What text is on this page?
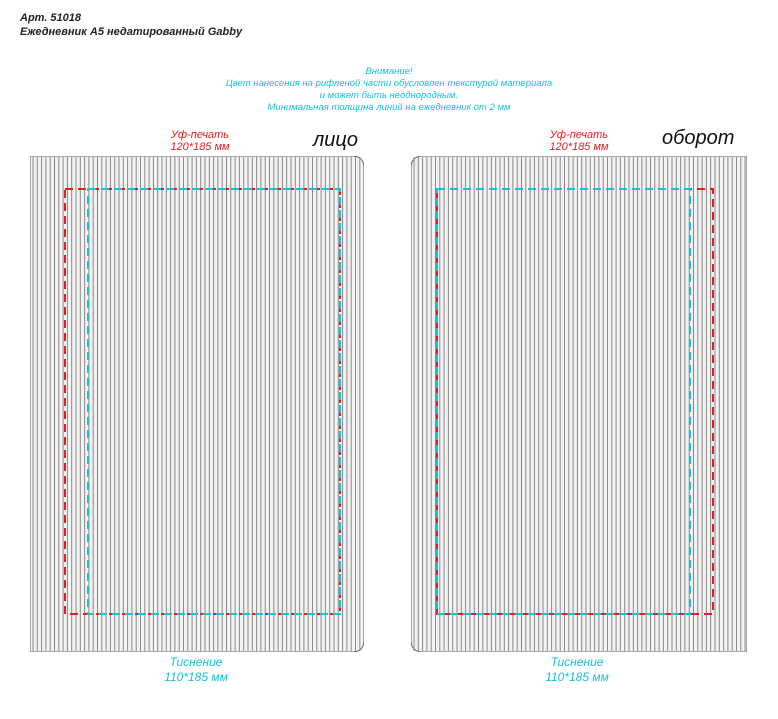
Арт. 51018
Ежедневник А5 недатированный Gabby
Внимание!
Цвет нанесения на рифленой части обусловлен текстурой материала
и может быть неоднородным.
Минимальная толщина линий на ежедневник от 2 мм
Уф-печать
120*185 мм	лицо
Тиснение
110*185 мм
Уф-печать
120*185 мм	оборот
Тиснение
110*185 мм
